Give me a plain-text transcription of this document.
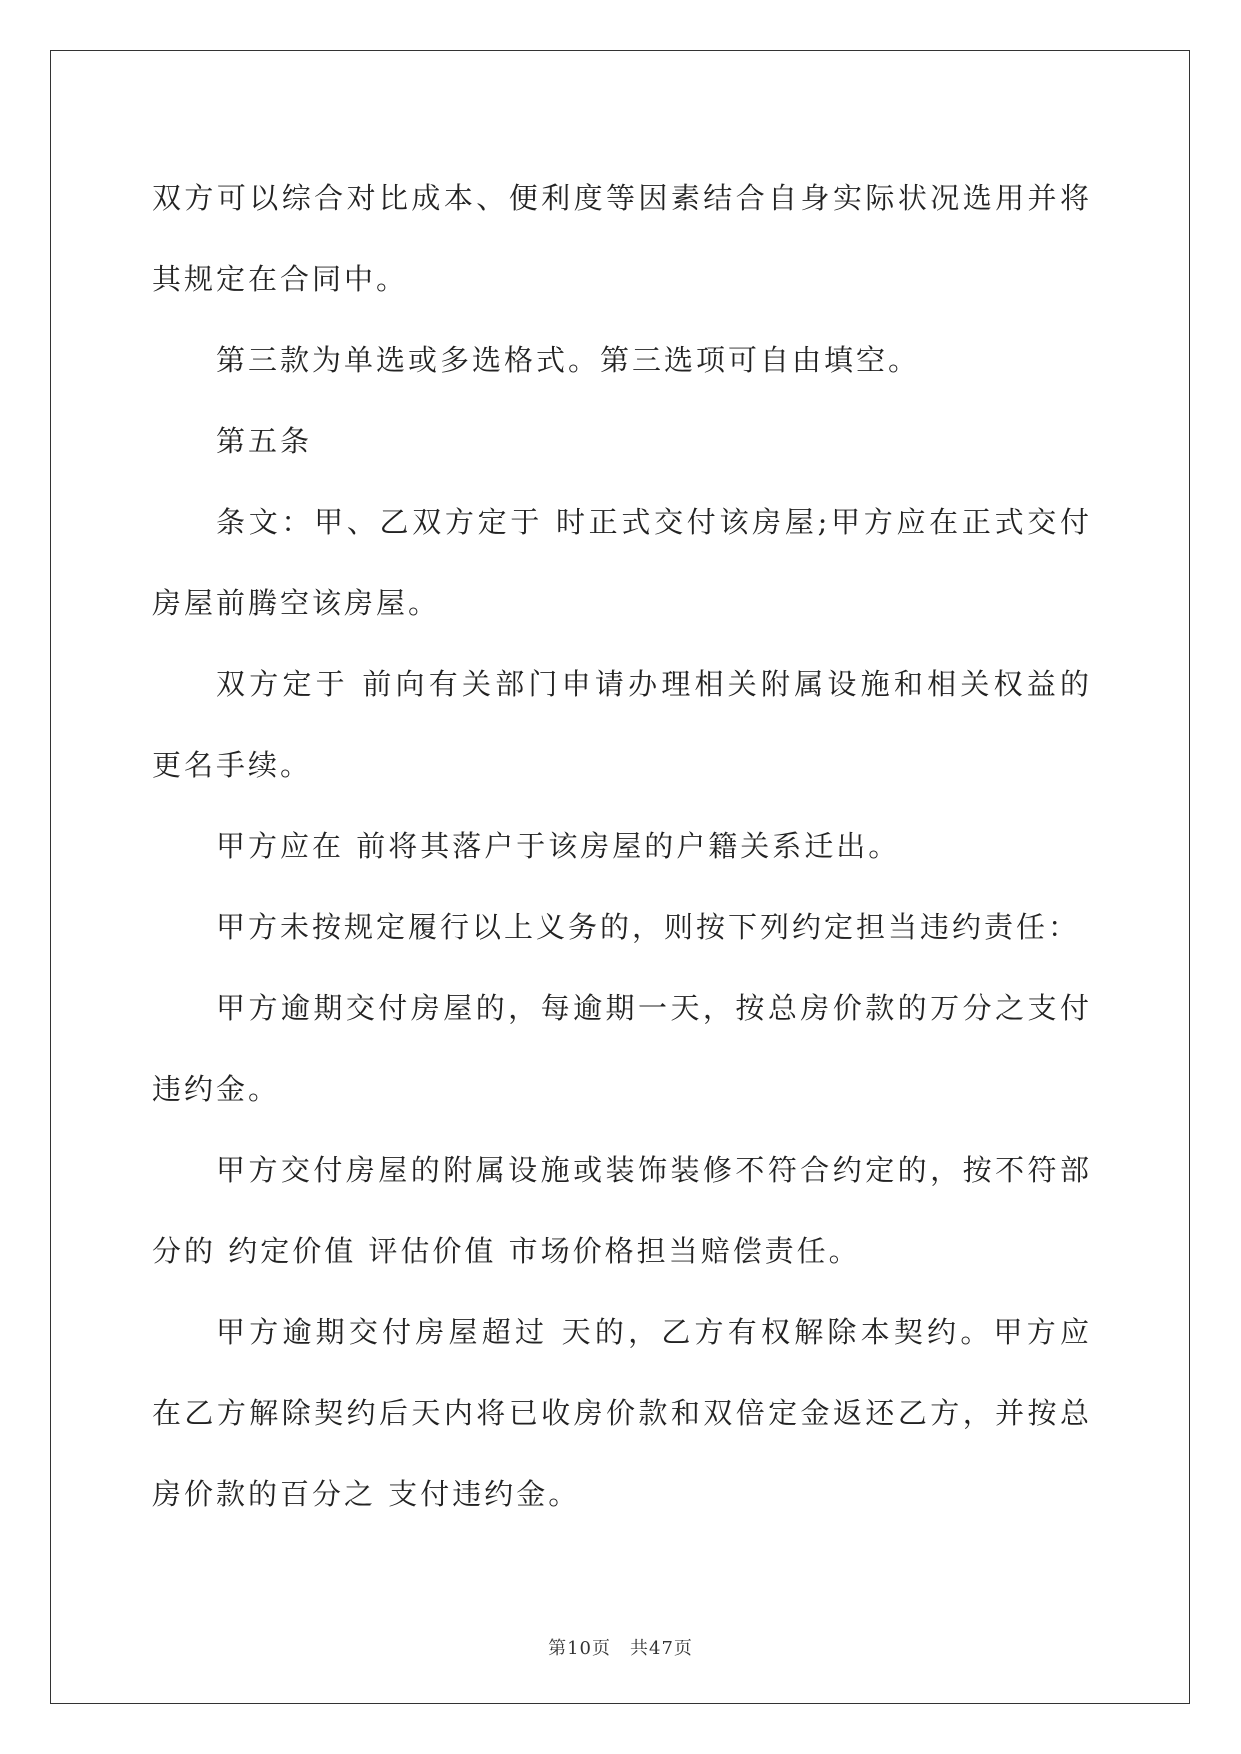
双方可以综合对比成本、便利度等因素结合自身实际状况选用并将其规定在合同中。

第三款为单选或多选格式。第三选项可自由填空。

第五条

条文：甲、乙双方定于 时正式交付该房屋;甲方应在正式交付房屋前腾空该房屋。

双方定于 前向有关部门申请办理相关附属设施和相关权益的更名手续。

甲方应在 前将其落户于该房屋的户籍关系迁出。

甲方未按规定履行以上义务的，则按下列约定担当违约责任：

甲方逾期交付房屋的，每逾期一天，按总房价款的万分之支付违约金。

甲方交付房屋的附属设施或装饰装修不符合约定的，按不符部分的 约定价值 评估价值 市场价格担当赔偿责任。

甲方逾期交付房屋超过 天的，乙方有权解除本契约。甲方应在乙方解除契约后天内将已收房价款和双倍定金返还乙方，并按总房价款的百分之 支付违约金。

第10页　共47页
